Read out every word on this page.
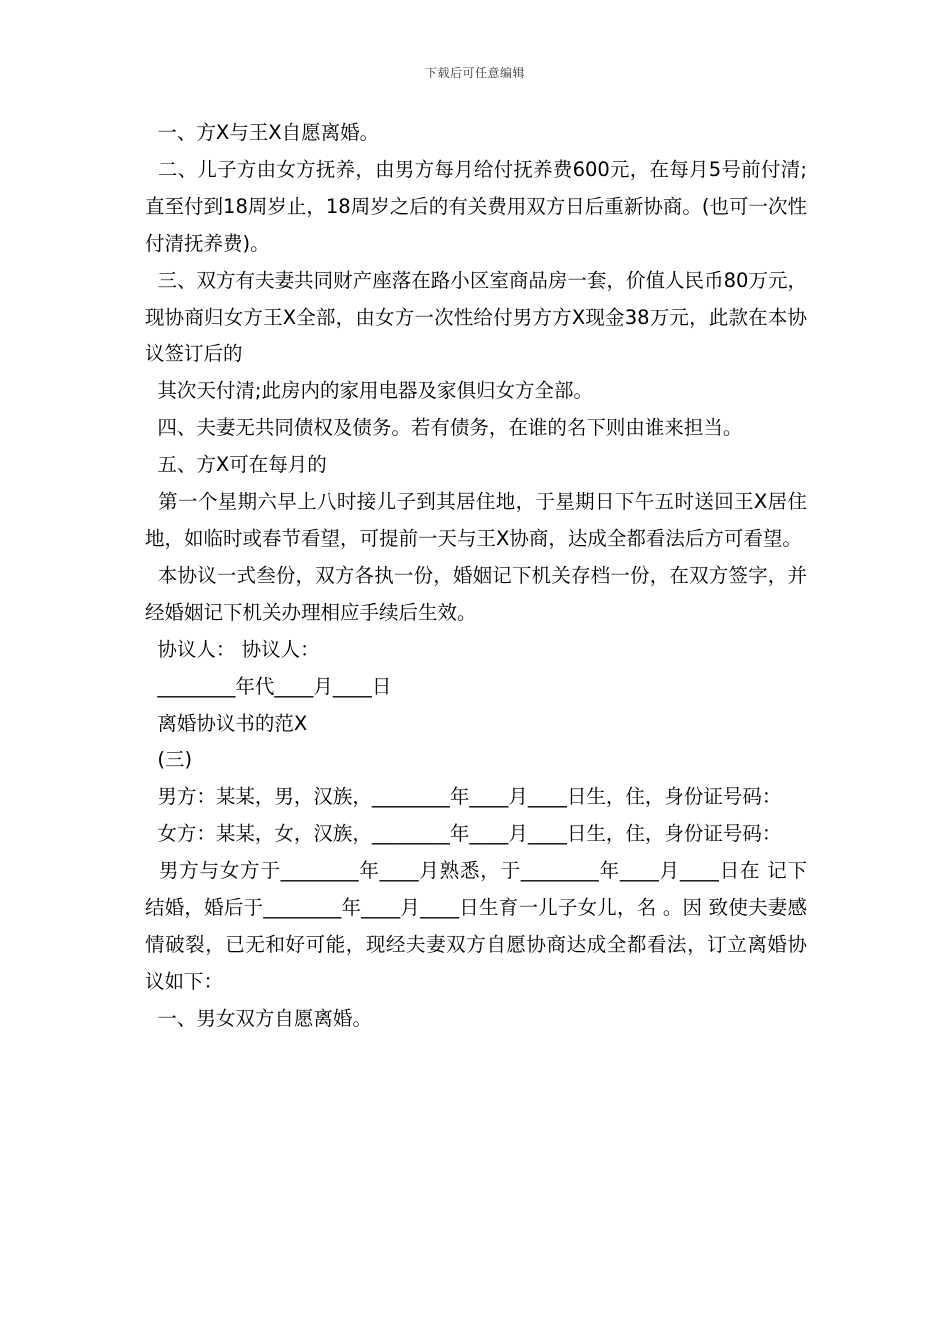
下载后可任意编辑

一、方X与王X自愿离婚。

二、儿子方由女方抚养，由男方每月给付抚养费600元，在每月5号前付清;直至付到18周岁止，18周岁之后的有关费用双方日后重新协商。(也可一次性付清抚养费)。

三、双方有夫妻共同财产座落在路小区室商品房一套，价值人民币80万元，现协商归女方王X全部，由女方一次性给付男方方X现金38万元，此款在本协议签订后的

其次天付清;此房内的家用电器及家俱归女方全部。

四、夫妻无共同债权及债务。若有债务，在谁的名下则由谁来担当。

五、方X可在每月的

第一个星期六早上八时接儿子到其居住地，于星期日下午五时送回王X居住地，如临时或春节看望，可提前一天与王X协商，达成全都看法后方可看望。

本协议一式叁份，双方各执一份，婚姻记下机关存档一份，在双方签字，并经婚姻记下机关办理相应手续后生效。

协议人： 协议人：

________年代____月____日

离婚协议书的范X

(三)

男方：某某，男，汉族，________年____月____日生，住，身份证号码：

女方：某某，女，汉族，________年____月____日生，住，身份证号码：

男方与女方于________年____月熟悉，于________年____月____日在 记下结婚，婚后于________年____月____日生育一儿子女儿，名 。因 致使夫妻感情破裂，已无和好可能，现经夫妻双方自愿协商达成全都看法，订立离婚协议如下：

一、男女双方自愿离婚。
